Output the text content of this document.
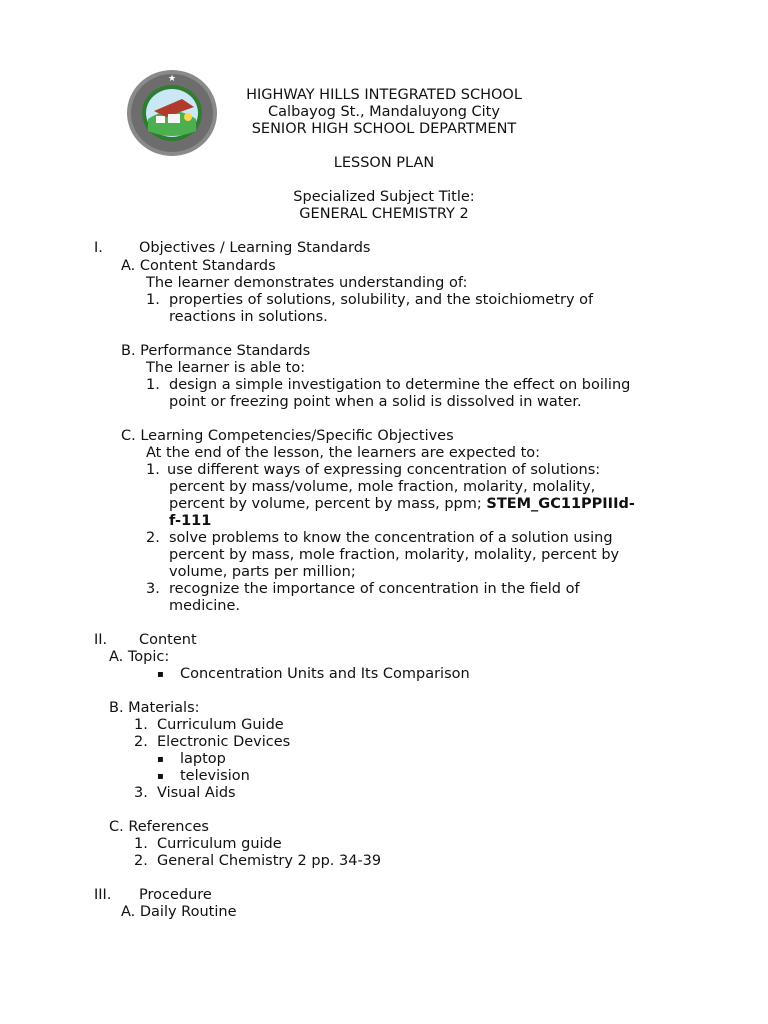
★
HIGHWAY HILLS INTEGRATED SCHOOL
Calbayog St., Mandaluyong City
SENIOR HIGH SCHOOL DEPARTMENT
LESSON PLAN
Specialized Subject Title:
GENERAL CHEMISTRY 2
I. Objectives / Learning Standards
A. Content Standards
The learner demonstrates understanding of:
1. properties of solutions, solubility, and the stoichiometry of
reactions in solutions.
B. Performance Standards
The learner is able to:
1. design a simple investigation to determine the effect on boiling
point or freezing point when a solid is dissolved in water.
C. Learning Competencies/Specific Objectives
At the end of the lesson, the learners are expected to:
1. use different ways of expressing concentration of solutions:
percent by mass/volume, mole fraction, molarity, molality,
percent by volume, percent by mass, ppm; STEM_GC11PPIIId-
f-111
2. solve problems to know the concentration of a solution using
percent by mass, mole fraction, molarity, molality, percent by
volume, parts per million;
3. recognize the importance of concentration in the field of
medicine.
II. Content
A. Topic:
▪ Concentration Units and Its Comparison
B. Materials:
1. Curriculum Guide
2. Electronic Devices
▪ laptop
▪ television
3. Visual Aids
C. References
1. Curriculum guide
2. General Chemistry 2 pp. 34-39
III. Procedure
A. Daily Routine
